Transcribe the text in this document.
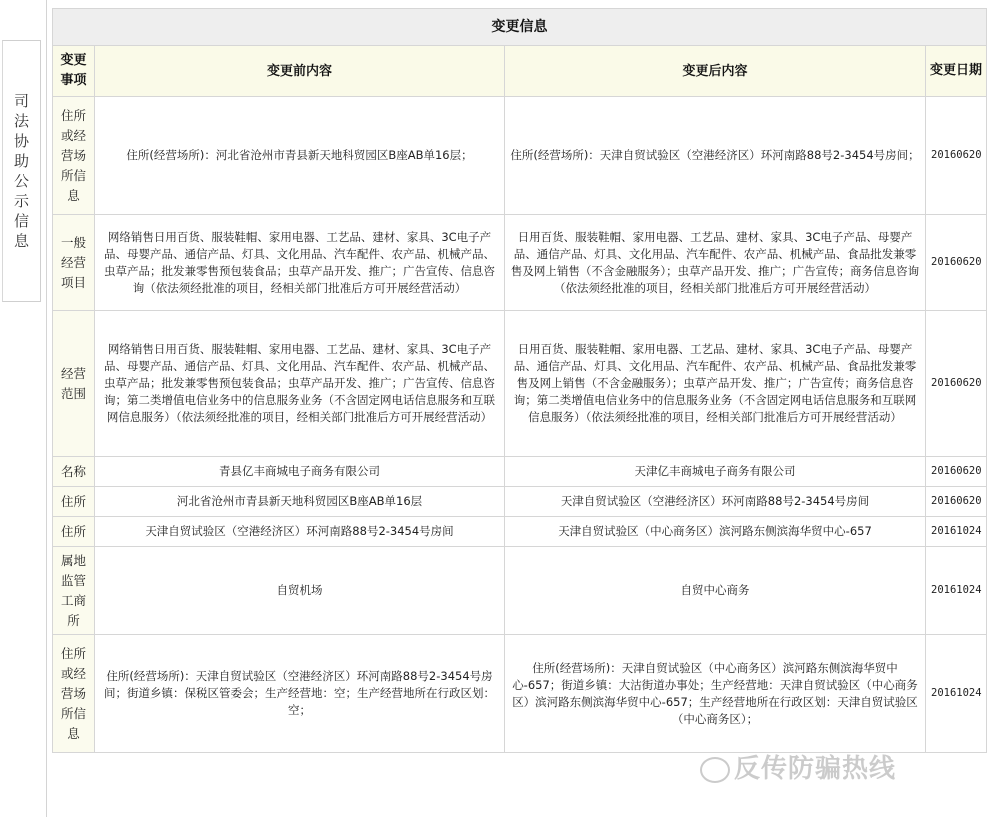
司
法
协
助
公
示
信
息
变更信息			
变更事项	变更前内容	变更后内容	变更日期
住所或经营场所信息	住所(经营场所)：河北省沧州市青县新天地科贸园区B座AB单16层；	住所(经营场所)：天津自贸试验区（空港经济区）环河南路88号2-3454号房间；	20160620
一般经营项目	网络销售日用百货、服装鞋帽、家用电器、工艺品、建材、家具、3C电子产品、母婴产品、通信产品、灯具、文化用品、汽车配件、农产品、机械产品、虫草产品；批发兼零售预包装食品；虫草产品开发、推广；广告宣传、信息咨询（依法须经批准的项目，经相关部门批准后方可开展经营活动）	日用百货、服装鞋帽、家用电器、工艺品、建材、家具、3C电子产品、母婴产品、通信产品、灯具、文化用品、汽车配件、农产品、机械产品、食品批发兼零售及网上销售（不含金融服务）；虫草产品开发、推广；广告宣传；商务信息咨询（依法须经批准的项目，经相关部门批准后方可开展经营活动）	20160620
经营范围	网络销售日用百货、服装鞋帽、家用电器、工艺品、建材、家具、3C电子产品、母婴产品、通信产品、灯具、文化用品、汽车配件、农产品、机械产品、虫草产品；批发兼零售预包装食品；虫草产品开发、推广；广告宣传、信息咨询；第二类增值电信业务中的信息服务业务（不含固定网电话信息服务和互联网信息服务）（依法须经批准的项目，经相关部门批准后方可开展经营活动）	日用百货、服装鞋帽、家用电器、工艺品、建材、家具、3C电子产品、母婴产品、通信产品、灯具、文化用品、汽车配件、农产品、机械产品、食品批发兼零售及网上销售（不含金融服务）；虫草产品开发、推广；广告宣传；商务信息咨询；第二类增值电信业务中的信息服务业务（不含固定网电话信息服务和互联网信息服务）（依法须经批准的项目，经相关部门批准后方可开展经营活动）	20160620
名称	青县亿丰商城电子商务有限公司	天津亿丰商城电子商务有限公司	20160620
住所	河北省沧州市青县新天地科贸园区B座AB单16层	天津自贸试验区（空港经济区）环河南路88号2-3454号房间	20160620
住所	天津自贸试验区（空港经济区）环河南路88号2-3454号房间	天津自贸试验区（中心商务区）滨河路东侧滨海华贸中心-657	20161024
属地监管工商所	自贸机场	自贸中心商务	20161024
住所或经营场所信息	住所(经营场所)：天津自贸试验区（空港经济区）环河南路88号2-3454号房间；街道乡镇：保税区管委会；生产经营地：空；生产经营地所在行政区划：空；	住所(经营场所)：天津自贸试验区（中心商务区）滨河路东侧滨海华贸中心-657；街道乡镇：大沽街道办事处；生产经营地：天津自贸试验区（中心商务区）滨河路东侧滨海华贸中心-657；生产经营地所在行政区划：天津自贸试验区（中心商务区）；	20161024
反传防骗热线
